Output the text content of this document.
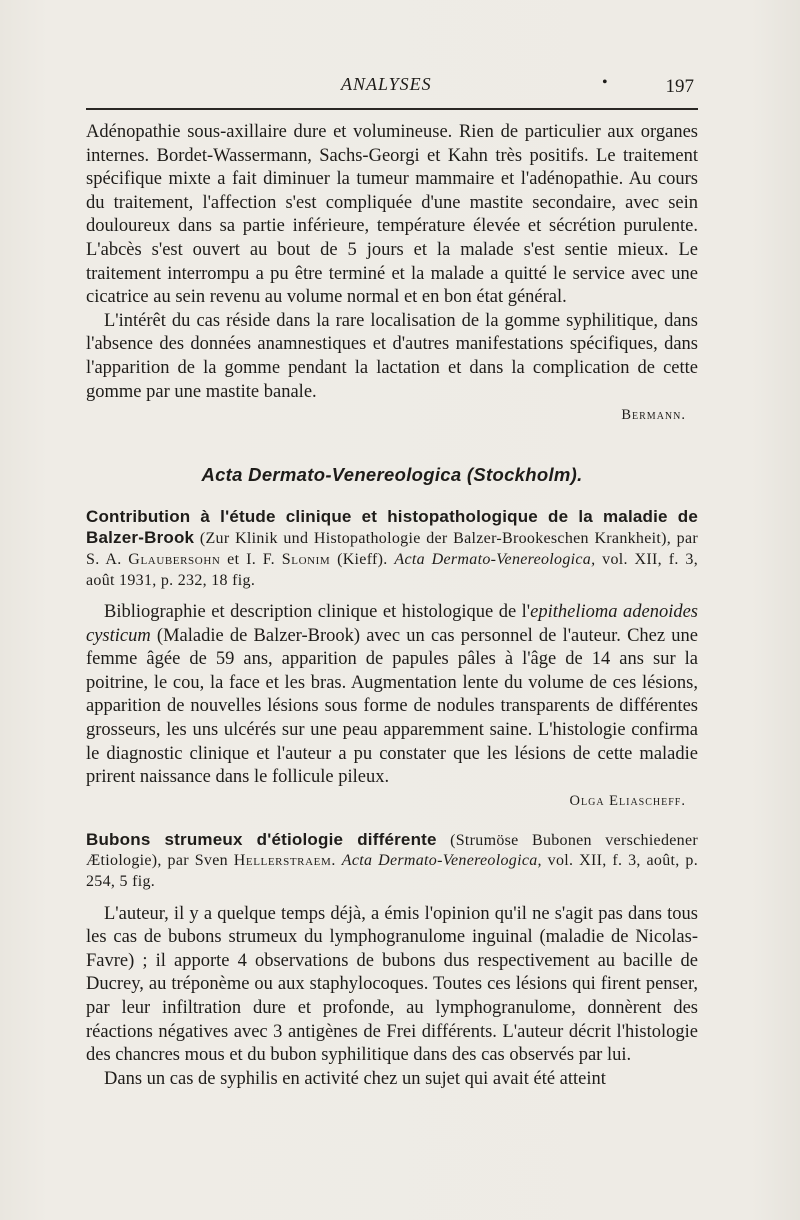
ANALYSES	•	197

Adénopathie sous-axillaire dure et volumineuse. Rien de particulier aux organes internes. Bordet-Wassermann, Sachs-Georgi et Kahn très positifs. Le traitement spécifique mixte a fait diminuer la tumeur mammaire et l'adénopathie. Au cours du traitement, l'affection s'est compliquée d'une mastite secondaire, avec sein douloureux dans sa partie inférieure, température élevée et sécrétion purulente. L'abcès s'est ouvert au bout de 5 jours et la malade s'est sentie mieux. Le traitement interrompu a pu être terminé et la malade a quitté le service avec une cicatrice au sein revenu au volume normal et en bon état général.

L'intérêt du cas réside dans la rare localisation de la gomme syphilitique, dans l'absence des données anamnestiques et d'autres manifestations spécifiques, dans l'apparition de la gomme pendant la lactation et dans la complication de cette gomme par une mastite banale.

Bermann.

Acta Dermato-Venereologica (Stockholm).

Contribution à l'étude clinique et histopathologique de la maladie de Balzer-Brook (Zur Klinik und Histopathologie der Balzer-Brookeschen Krankheit), par S. A. Glaubersohn et I. F. Slonim (Kieff). Acta Dermato-Venereologica, vol. XII, f. 3, août 1931, p. 232, 18 fig.

Bibliographie et description clinique et histologique de l'epithelioma adenoides cysticum (Maladie de Balzer-Brook) avec un cas personnel de l'auteur. Chez une femme âgée de 59 ans, apparition de papules pâles à l'âge de 14 ans sur la poitrine, le cou, la face et les bras. Augmentation lente du volume de ces lésions, apparition de nouvelles lésions sous forme de nodules transparents de différentes grosseurs, les uns ulcérés sur une peau apparemment saine. L'histologie confirma le diagnostic clinique et l'auteur a pu constater que les lésions de cette maladie prirent naissance dans le follicule pileux.

Olga Eliascheff.

Bubons strumeux d'étiologie différente (Strumöse Bubonen verschiedener Ætiologie), par Sven Hellerstraem. Acta Dermato-Venereologica, vol. XII, f. 3, août, p. 254, 5 fig.

L'auteur, il y a quelque temps déjà, a émis l'opinion qu'il ne s'agit pas dans tous les cas de bubons strumeux du lymphogranulome inguinal (maladie de Nicolas-Favre) ; il apporte 4 observations de bubons dus respectivement au bacille de Ducrey, au tréponème ou aux staphylocoques. Toutes ces lésions qui firent penser, par leur infiltration dure et profonde, au lymphogranulome, donnèrent des réactions négatives avec 3 antigènes de Frei différents. L'auteur décrit l'histologie des chancres mous et du bubon syphilitique dans des cas observés par lui.

Dans un cas de syphilis en activité chez un sujet qui avait été atteint
